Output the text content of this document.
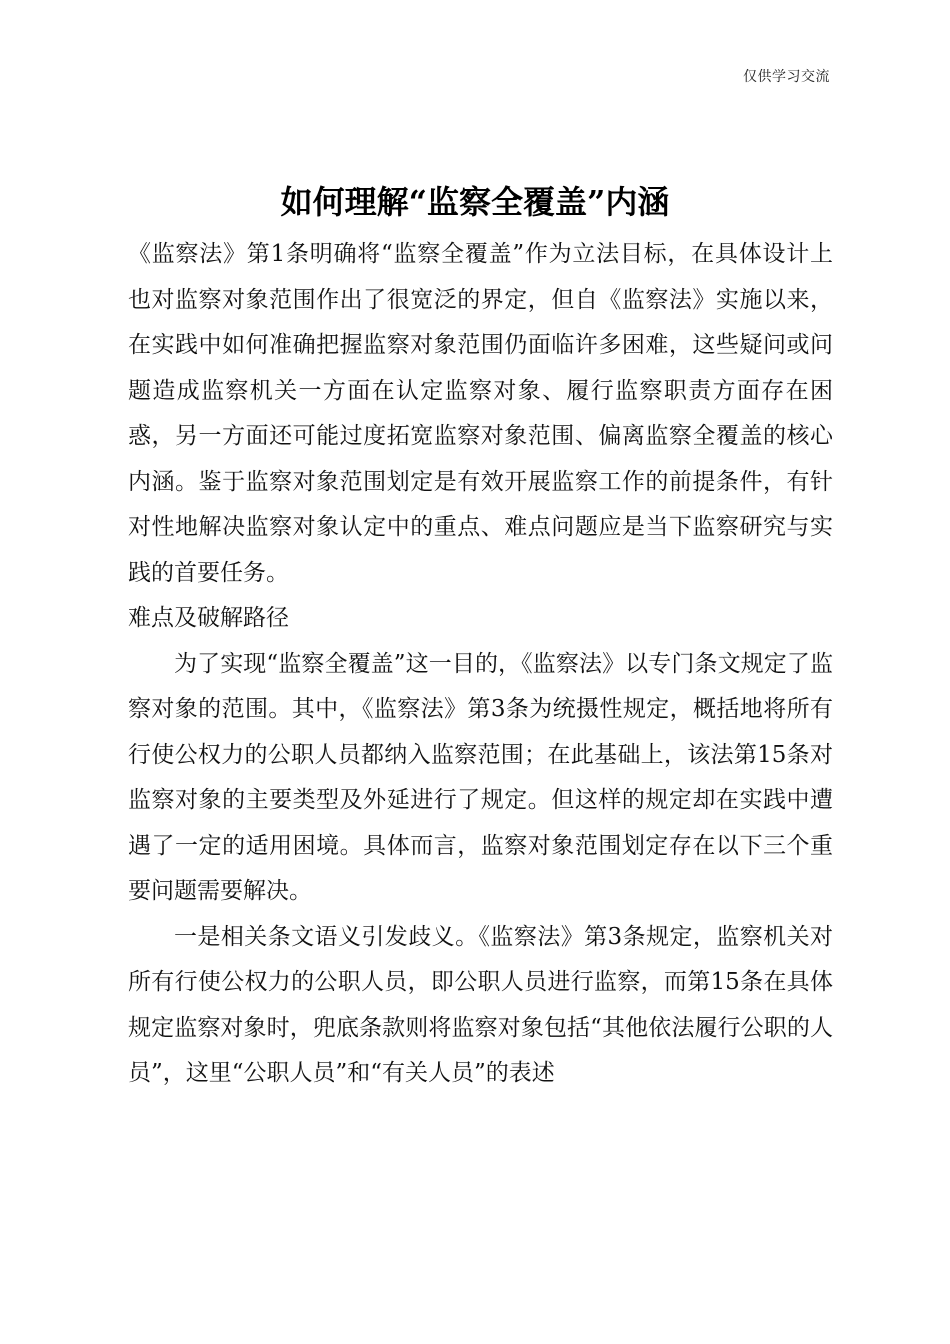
仅供学习交流
如何理解“监察全覆盖”内涵

《监察法》第1条明确将“监察全覆盖”作为立法目标，在具体设计上也对监察对象范围作出了很宽泛的界定，但自《监察法》实施以来，在实践中如何准确把握监察对象范围仍面临许多困难，这些疑问或问题造成监察机关一方面在认定监察对象、履行监察职责方面存在困惑，另一方面还可能过度拓宽监察对象范围、偏离监察全覆盖的核心内涵。鉴于监察对象范围划定是有效开展监察工作的前提条件，有针对性地解决监察对象认定中的重点、难点问题应是当下监察研究与实践的首要任务。

难点及破解路径

为了实现“监察全覆盖”这一目的，《监察法》以专门条文规定了监察对象的范围。其中，《监察法》第3条为统摄性规定，概括地将所有行使公权力的公职人员都纳入监察范围；在此基础上，该法第15条对监察对象的主要类型及外延进行了规定。但这样的规定却在实践中遭遇了一定的适用困境。具体而言，监察对象范围划定存在以下三个重要问题需要解决。

一是相关条文语义引发歧义。《监察法》第3条规定，监察机关对所有行使公权力的公职人员，即公职人员进行监察，而第15条在具体规定监察对象时，兜底条款则将监察对象包括“其他依法履行公职的人员”，这里“公职人员”和“有关人员”的表述
